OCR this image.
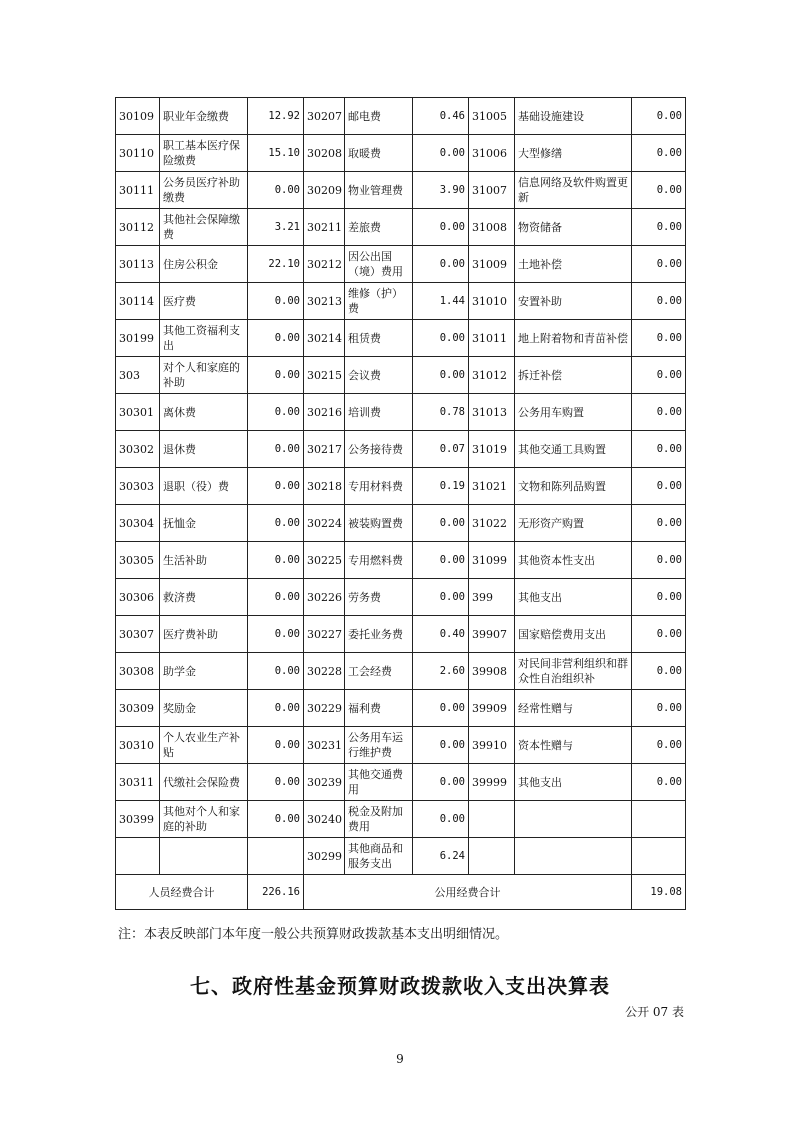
30109	职业年金缴费	12.92	30207	邮电费	0.46	31005	基础设施建设	0.00
30110	职工基本医疗保险缴费	15.10	30208	取暖费	0.00	31006	大型修缮	0.00
30111	公务员医疗补助缴费	0.00	30209	物业管理费	3.90	31007	信息网络及软件购置更新	0.00
30112	其他社会保障缴费	3.21	30211	差旅费	0.00	31008	物资储备	0.00
30113	住房公积金	22.10	30212	因公出国（境）费用	0.00	31009	土地补偿	0.00
30114	医疗费	0.00	30213	维修（护）费	1.44	31010	安置补助	0.00
30199	其他工资福利支出	0.00	30214	租赁费	0.00	31011	地上附着物和青苗补偿	0.00
303	对个人和家庭的补助	0.00	30215	会议费	0.00	31012	拆迁补偿	0.00
30301	离休费	0.00	30216	培训费	0.78	31013	公务用车购置	0.00
30302	退休费	0.00	30217	公务接待费	0.07	31019	其他交通工具购置	0.00
30303	退职（役）费	0.00	30218	专用材料费	0.19	31021	文物和陈列品购置	0.00
30304	抚恤金	0.00	30224	被装购置费	0.00	31022	无形资产购置	0.00
30305	生活补助	0.00	30225	专用燃料费	0.00	31099	其他资本性支出	0.00
30306	救济费	0.00	30226	劳务费	0.00	399	其他支出	0.00
30307	医疗费补助	0.00	30227	委托业务费	0.40	39907	国家赔偿费用支出	0.00
30308	助学金	0.00	30228	工会经费	2.60	39908	对民间非营利组织和群众性自治组织补	0.00
30309	奖励金	0.00	30229	福利费	0.00	39909	经常性赠与	0.00
30310	个人农业生产补贴	0.00	30231	公务用车运行维护费	0.00	39910	资本性赠与	0.00
30311	代缴社会保险费	0.00	30239	其他交通费用	0.00	39999	其他支出	0.00
30399	其他对个人和家庭的补助	0.00	30240	税金及附加费用	0.00			
			30299	其他商品和服务支出	6.24			
人员经费合计		226.16	公用经费合计					19.08
注：本表反映部门本年度一般公共预算财政拨款基本支出明细情况。
七、政府性基金预算财政拨款收入支出决算表
公开 07 表
9
